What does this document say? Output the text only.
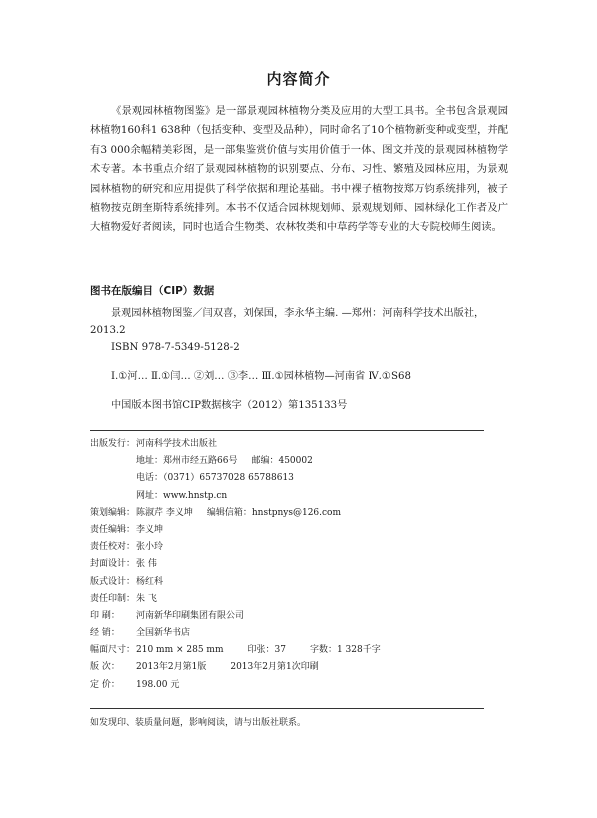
内容简介

《景观园林植物图鉴》是一部景观园林植物分类及应用的大型工具书。全书包含景观园林植物160科1 638种（包括变种、变型及品种），同时命名了10个植物新变种或变型，并配有3 000余幅精美彩图，是一部集鉴赏价值与实用价值于一体、图文并茂的景观园林植物学术专著。本书重点介绍了景观园林植物的识别要点、分布、习性、繁殖及园林应用，为景观园林植物的研究和应用提供了科学依据和理论基础。书中裸子植物按郑万钧系统排列，被子植物按克朗奎斯特系统排列。本书不仅适合园林规划师、景观规划师、园林绿化工作者及广大植物爱好者阅读，同时也适合生物类、农林牧类和中草药学等专业的大专院校师生阅读。

图书在版编目（CIP）数据

景观园林植物图鉴／闫双喜，刘保国，李永华主编. —郑州：河南科学技术出版社，2013.2

ISBN 978-7-5349-5128-2

Ⅰ.①河… Ⅱ.①闫… ②刘… ③李… Ⅲ.①园林植物—河南省 Ⅳ.①S68

中国版本图书馆CIP数据核字（2012）第135133号

出版发行：河南科学技术出版社
地址：郑州市经五路66号 邮编：450002
电话：（0371）65737028 65788613
网址：www.hnstp.cn
策划编辑：陈淑芹 李义坤 编辑信箱：hnstpnys@126.com
责任编辑：李义坤
责任校对：张小玲
封面设计：张 伟
版式设计：杨红科
责任印制：朱 飞
印 刷： 河南新华印刷集团有限公司
经 销： 全国新华书店
幅面尺寸：210 mm × 285 mm	印张：37	字数：1 328千字
版 次： 2013年2月第1版	2013年2月第1次印刷
定 价： 198.00 元
如发现印、装质量问题，影响阅读，请与出版社联系。
